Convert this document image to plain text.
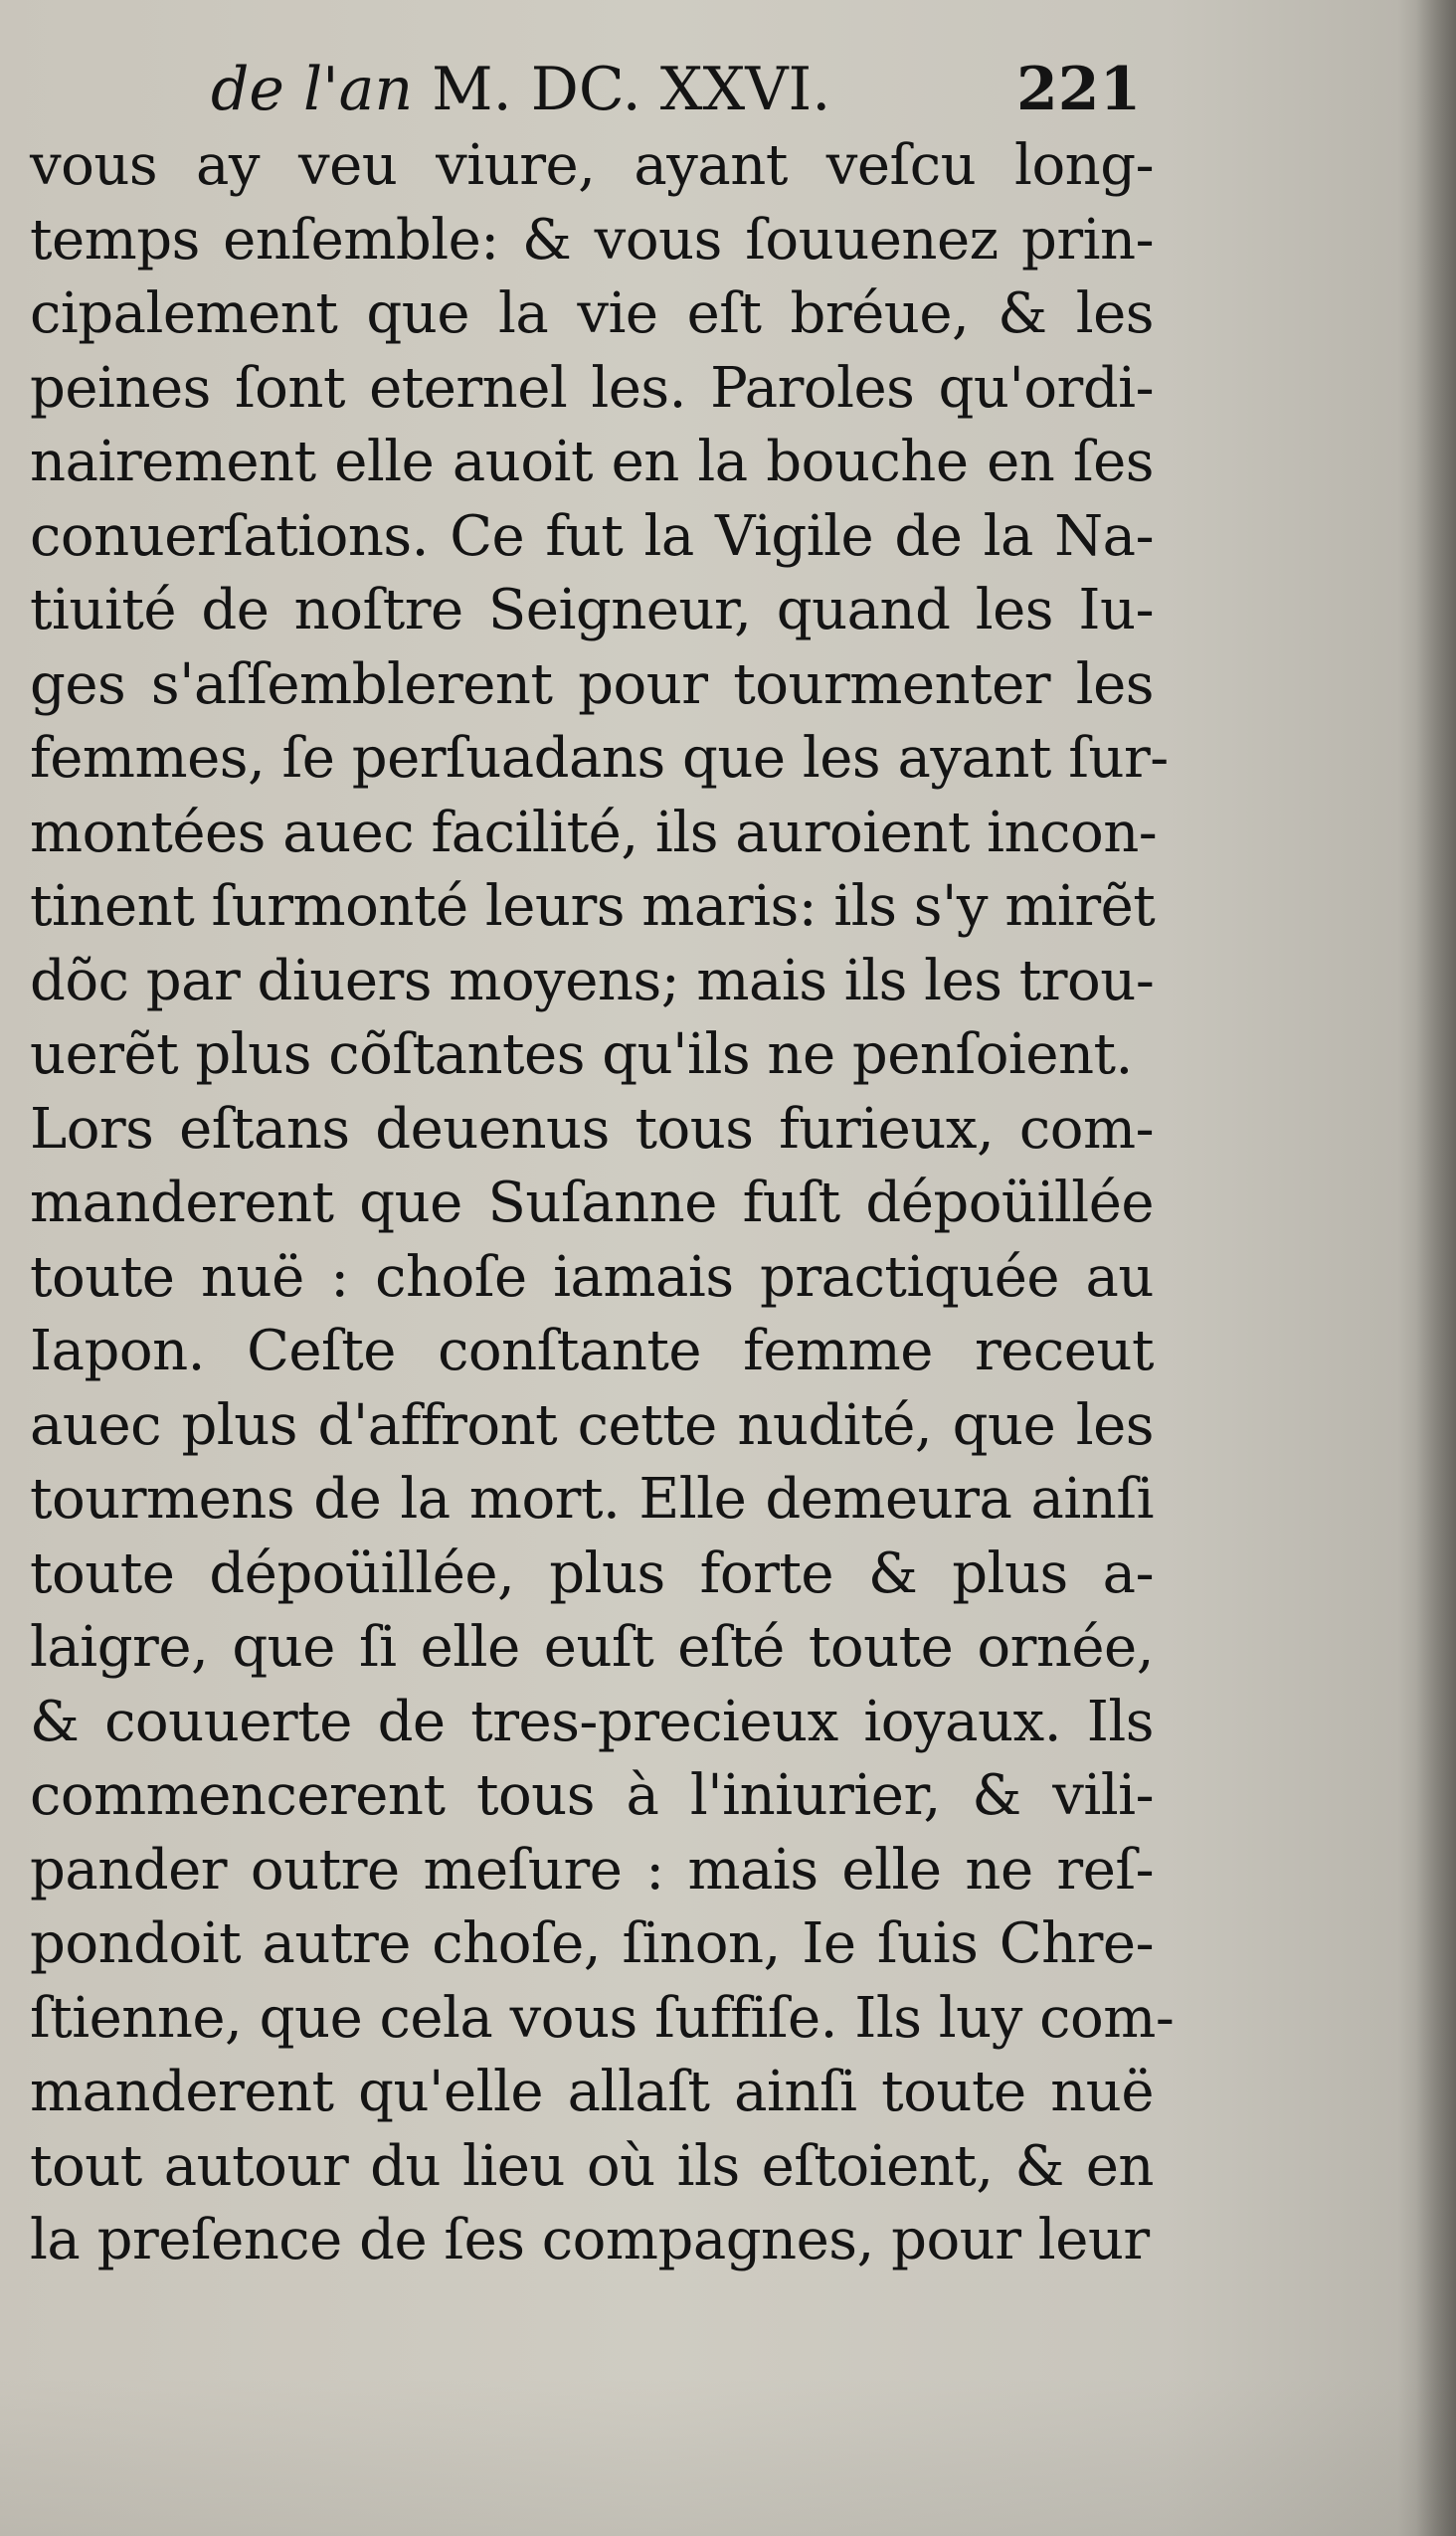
de l'an M. DC. XXVI.	221
vous ay veu viure, ayant veſcu long-
temps enſemble: & vous ſouuenez prin-
cipalement que la vie eſt bréue, & les
peines ſont eternel les. Paroles qu'ordi-
nairement elle auoit en la bouche en ſes
conuerſations. Ce fut la Vigile de la Na-
tiuité de noſtre Seigneur, quand les Iu-
ges s'aſſemblerent pour tourmenter les
femmes, ſe perſuadans que les ayant ſur-
montées auec facilité, ils auroient incon-
tinent ſurmonté leurs maris: ils s'y mirẽt
dõc par diuers moyens; mais ils les trou-
uerẽt plus cõſtantes qu'ils ne penſoient.
Lors eſtans deuenus tous furieux, com-
manderent que Suſanne fuſt dépoüillée
toute nuë : choſe iamais practiquée au
Iapon. Ceſte conſtante femme receut
auec plus d'affront cette nudité, que les
tourmens de la mort. Elle demeura ainſi
toute dépoüillée, plus forte & plus a-
laigre, que ſi elle euſt eſté toute ornée,
& couuerte de tres-precieux ioyaux. Ils
commencerent tous à l'iniurier, & vili-
pander outre meſure : mais elle ne reſ-
pondoit autre choſe, ſinon, Ie ſuis Chre-
ſtienne, que cela vous ſuffiſe. Ils luy com-
manderent qu'elle allaſt ainſi toute nuë
tout autour du lieu où ils eſtoient, & en
la preſence de ſes compagnes, pour leur
